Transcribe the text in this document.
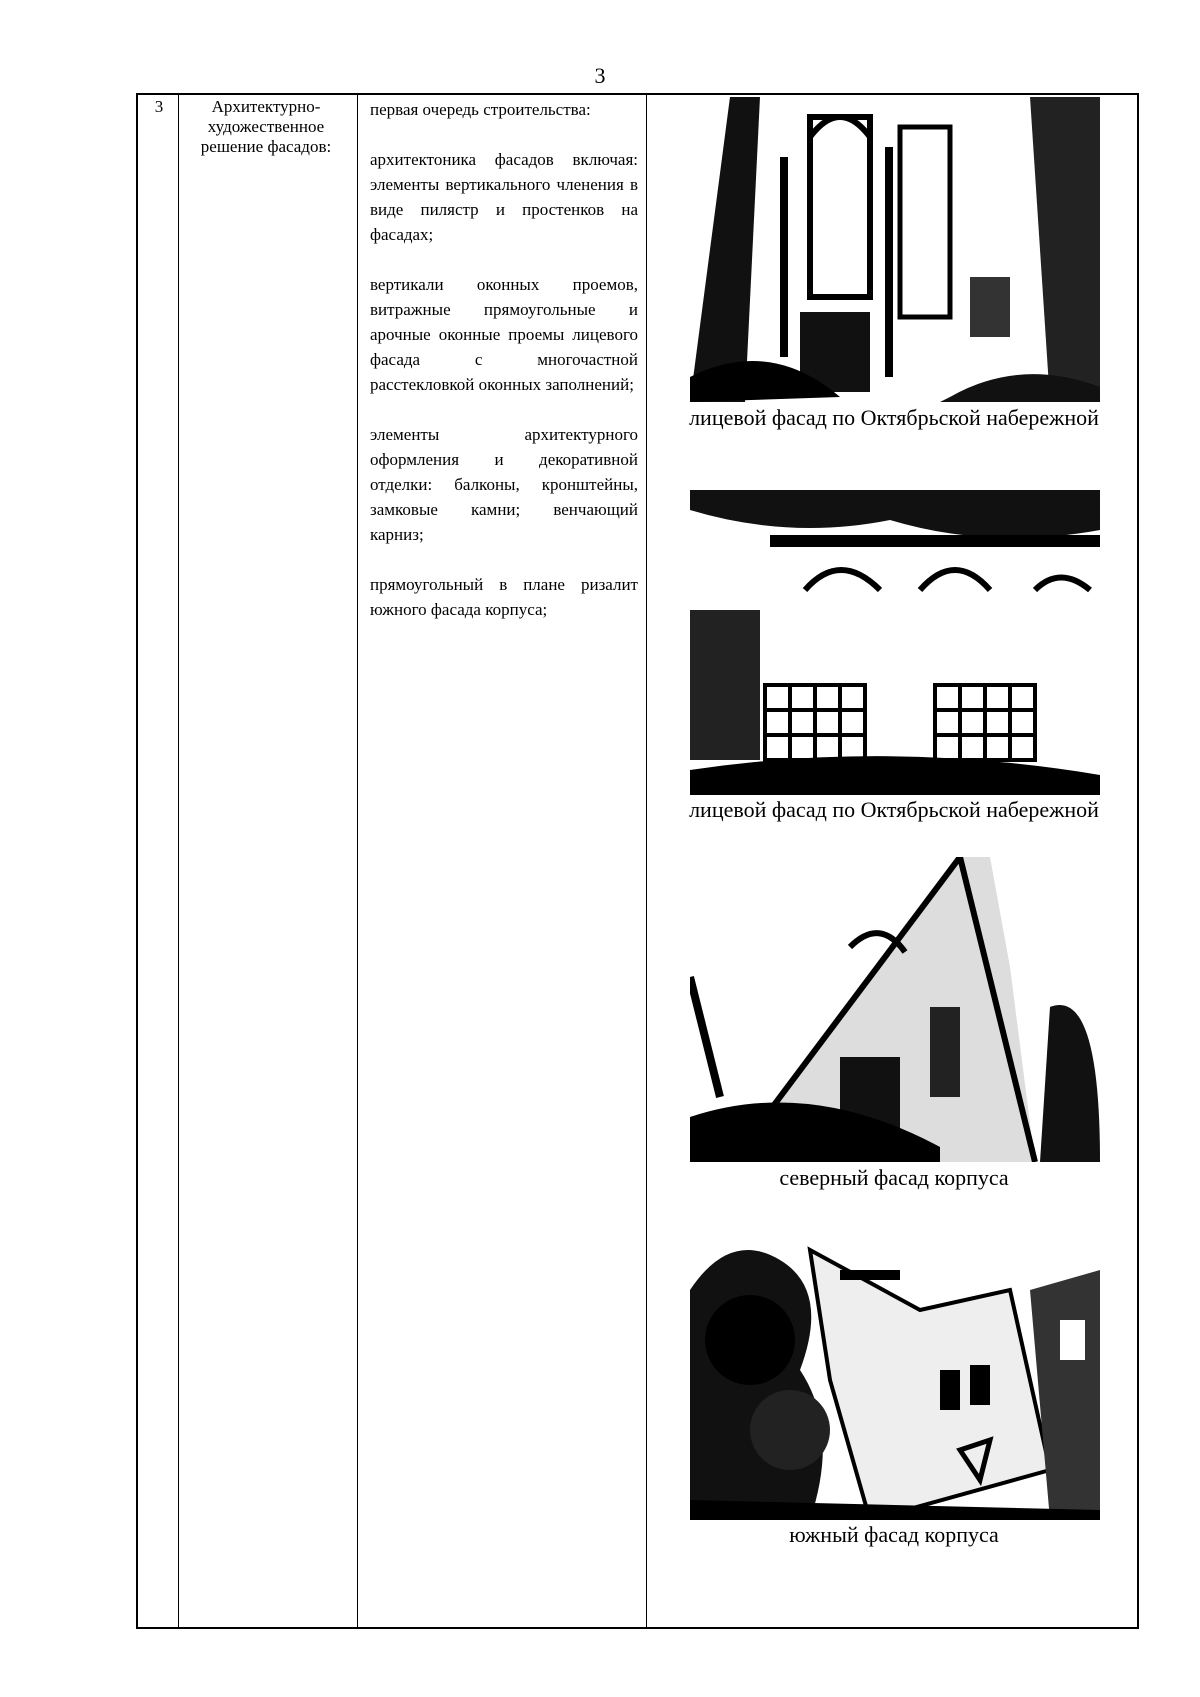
3
3	Архитектурно-
художественное
решение фасадов:

первая очередь строительства:

архитектоника фасадов включая: элементы вертикального членения в виде пилястр и простенков на фасадах;

вертикали оконных проемов, витражные прямоугольные и арочные оконные проемы лицевого фасада с многочастной расстекловкой оконных заполнений;

элементы архитектурного оформления и декоративной отделки: балконы, кронштейны, замковые камни; венчающий карниз;

прямоугольный в плане ризалит южного фасада корпуса;

лицевой фасад по Октябрьской набережной
лицевой фасад по Октябрьской набережной
северный фасад корпуса
южный фасад корпуса
